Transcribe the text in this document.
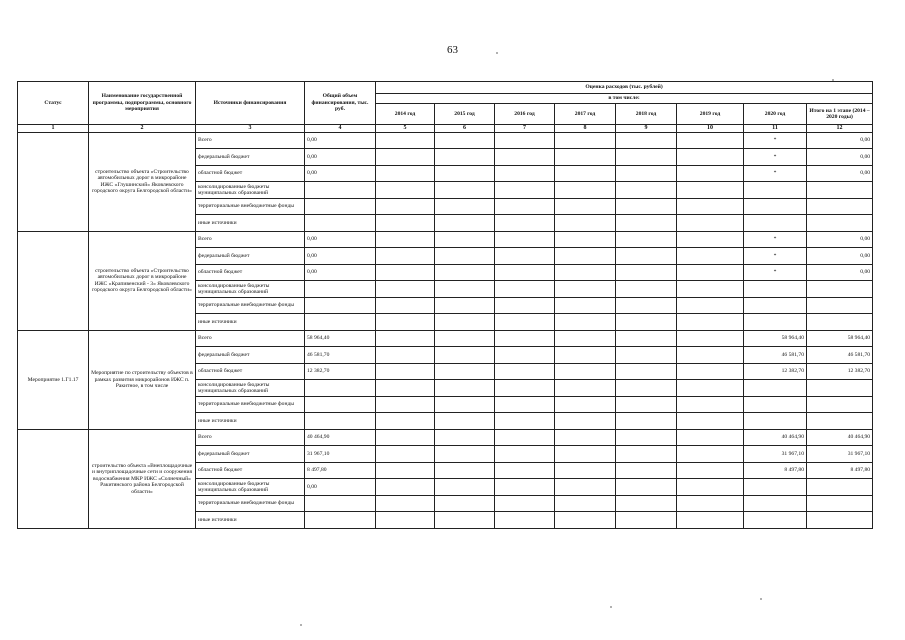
63
Статус	Наименование государственной программы, подпрограммы, основного мероприятия	Источники финансирования	Общий объем финансирования, тыс. руб.	Оценка расходов (тыс. рублей)							
				в том числе:							
				2014 год	2015 год	2016 год	2017 год	2018 год	2019 год	2020 год	Итого на 1 этапе (2014 – 2020 годы)
1	2	3	4	5	6	7	8	9	10	11	12
	строительство объекта «Строительство автомобильных дорог в микрорайоне ИЖС «Глушинский» Яковлевского городского округа Белгородской области»	Всего	0,00							*	0,00
		федеральный бюджет	0,00							*	0,00
		областной бюджет	0,00							*	0,00
		консолидированные бюджеты муниципальных образований									
		территориальные внебюджетные фонды									
		иные источники									
	строительство объекта «Строительство автомобильных дорог в микрорайоне ИЖС «Крапивенский - 3» Яковлевского городского округа Белгородской области»	Всего	0,00							*	0,00
		федеральный бюджет	0,00							*	0,00
		областной бюджет	0,00							*	0,00
		консолидированные бюджеты муниципальных образований									
		территориальные внебюджетные фонды									
		иные источники									
Мероприятие 1.Г1.17	Мероприятие по строительству объектов в рамках развития микрорайонов ИЖС п. Ракитное, в том числе	Всего	58 964,40							58 964,40	58 964,40
		федеральный бюджет	46 581,70							46 581,70	46 581,70
		областной бюджет	12 382,70							12 382,70	12 382,70
		консолидированные бюджеты муниципальных образований									
		территориальные внебюджетные фонды									
		иные источники									
	строительство объекта «Внеплощадочные и внутриплощадочные сети и сооружения водоснабжения МКР ИЖС «Солнечный» Ракитянского района Белгородской области»	Всего	40 464,90							40 464,90	40 464,90
		федеральный бюджет	31 967,10							31 967,10	31 967,10
		областной бюджет	8 497,80							8 497,80	8 497,80
		консолидированные бюджеты муниципальных образований	0,00								
		территориальные внебюджетные фонды									
		иные источники									
